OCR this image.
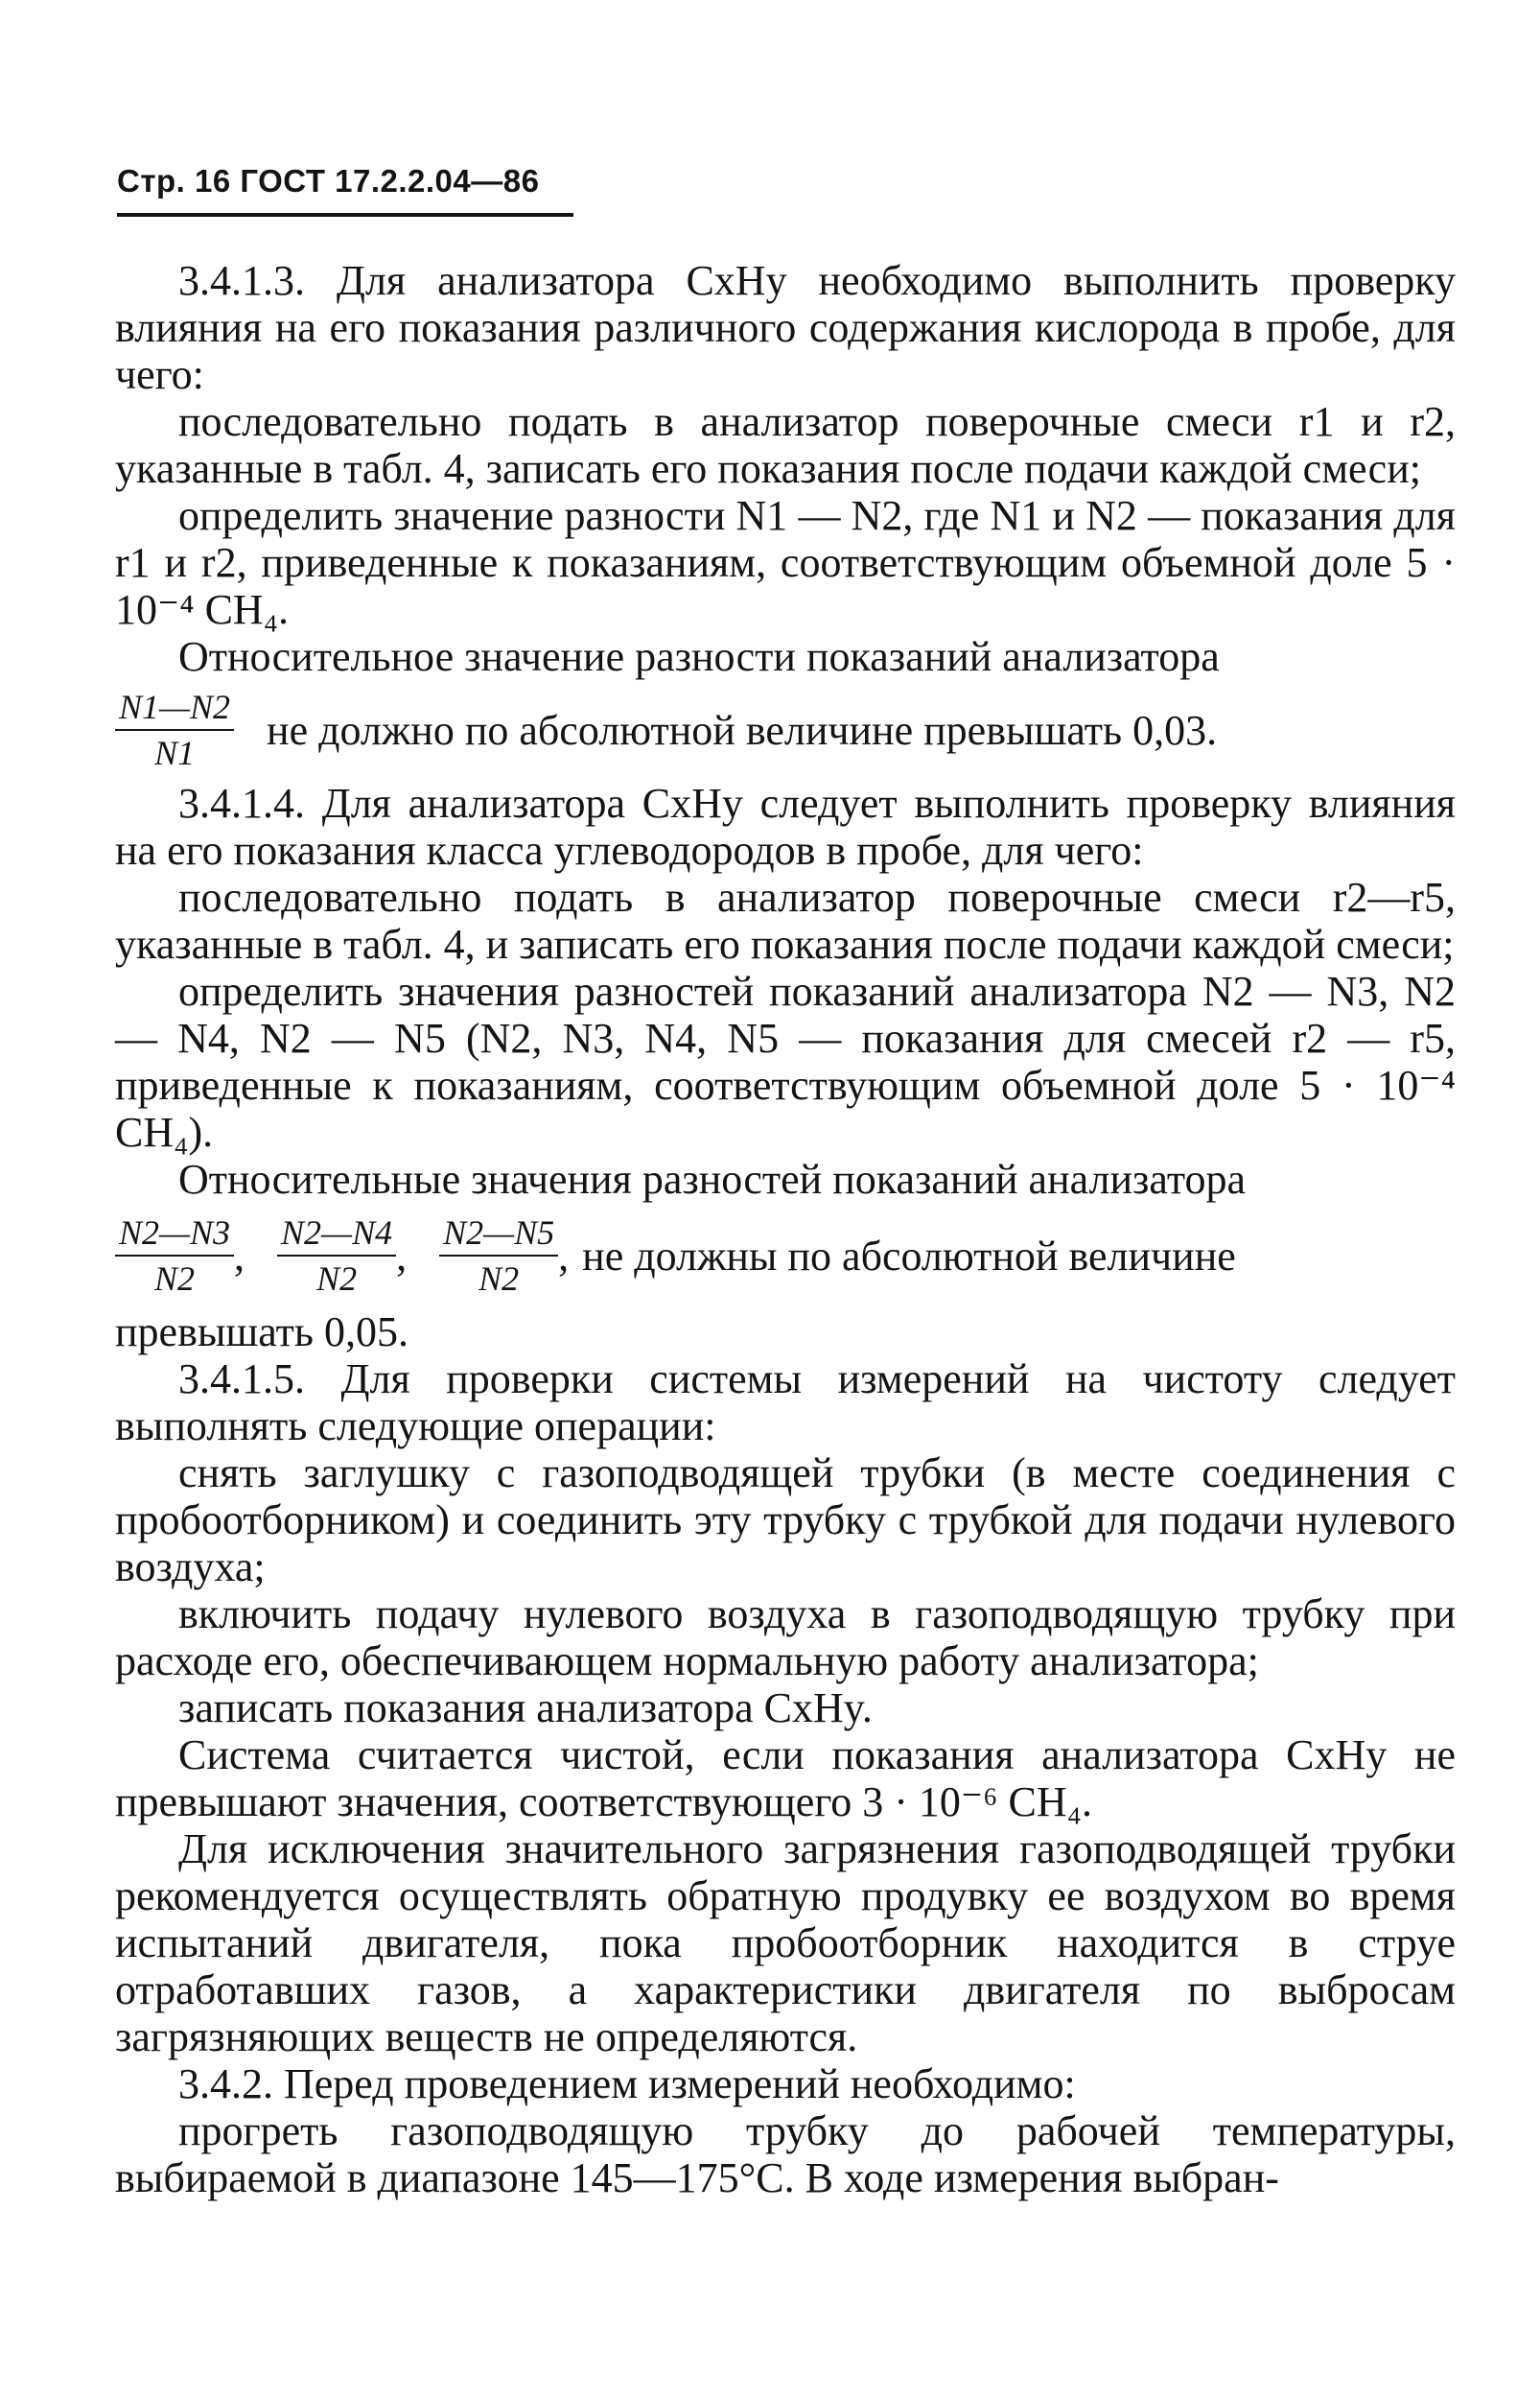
Стр. 16 ГОСТ 17.2.2.04—86

3.4.1.3. Для анализатора CxHy необходимо выполнить проверку влияния на его показания различного содержания кислорода в пробе, для чего:

последовательно подать в анализатор поверочные смеси r1 и r2, указанные в табл. 4, записать его показания после подачи каждой смеси;

определить значение разности N1 — N2, где N1 и N2 — показания для r1 и r2, приведенные к показаниям, соответствующим объемной доле 5 · 10⁻⁴ CH₄.

Относительное значение разности показаний анализатора

$\frac{N1—N2}{N1}$ не должно по абсолютной величине превышать 0,03.

3.4.1.4. Для анализатора CxHy следует выполнить проверку влияния на его показания класса углеводородов в пробе, для чего:

последовательно подать в анализатор поверочные смеси r2—r5, указанные в табл. 4, и записать его показания после подачи каждой смеси;

определить значения разностей показаний анализатора N2 — N3, N2 — N4, N2 — N5 (N2, N3, N4, N5 — показания для смесей r2 — r5, приведенные к показаниям, соответствующим объемной доле 5 · 10⁻⁴ CH₄).

Относительные значения разностей показаний анализатора

$\frac{N2—N3}{N2}$ , $\frac{N2—N4}{N2}$ , $\frac{N2—N5}{N2}$ , не должны по абсолютной величине

превышать 0,05.

3.4.1.5. Для проверки системы измерений на чистоту следует выполнять следующие операции:

снять заглушку с газоподводящей трубки (в месте соединения с пробоотборником) и соединить эту трубку с трубкой для подачи нулевого воздуха;

включить подачу нулевого воздуха в газоподводящую трубку при расходе его, обеспечивающем нормальную работу анализатора;

записать показания анализатора CxHy.

Система считается чистой, если показания анализатора CxHy не превышают значения, соответствующего 3 · 10⁻⁶ CH₄.

Для исключения значительного загрязнения газоподводящей трубки рекомендуется осуществлять обратную продувку ее воздухом во время испытаний двигателя, пока пробоотборник находится в струе отработавших газов, а характеристики двигателя по выбросам загрязняющих веществ не определяются.

3.4.2. Перед проведением измерений необходимо:

прогреть газоподводящую трубку до рабочей температуры, выбираемой в диапазоне 145—175°C. В ходе измерения выбран-
